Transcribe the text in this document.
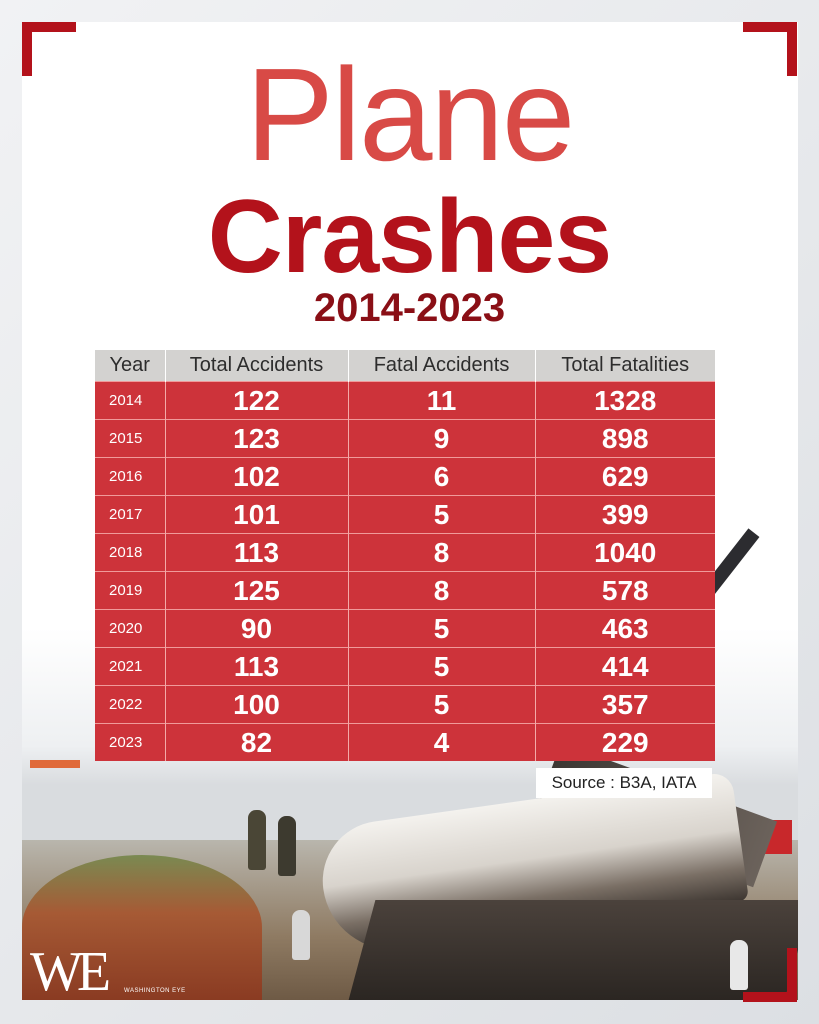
Plane
Crashes
2014-2023
Year	Total Accidents	Fatal Accidents	Total Fatalities
2014	122	11	1328
2015	123	9	898
2016	102	6	629
2017	101	5	399
2018	113	8	1040
2019	125	8	578
2020	90	5	463
2021	113	5	414
2022	100	5	357
2023	82	4	229
Source : B3A, IATA
WE	WASHINGTON EYE
